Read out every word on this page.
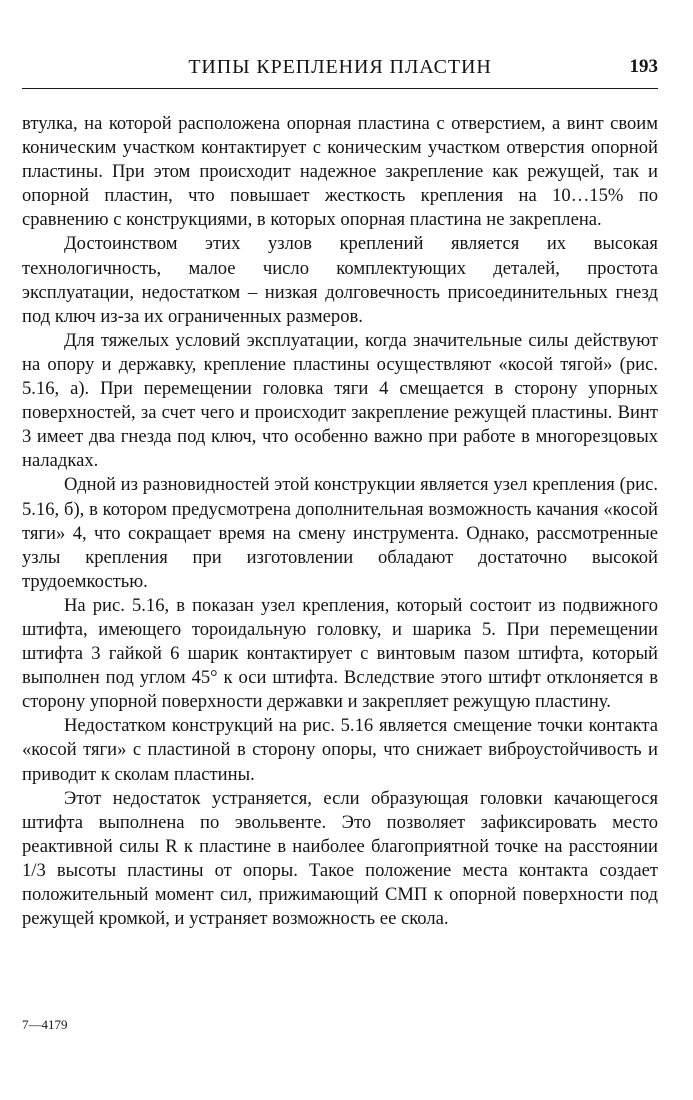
ТИПЫ КРЕПЛЕНИЯ ПЛАСТИН	193

втулка, на которой расположена опорная пластина с отверстием, а винт своим коническим участком контактирует с коническим участком отверстия опорной пластины. При этом происходит надежное закрепление как режущей, так и опорной пластин, что повышает жесткость крепления на 10…15% по сравнению с конструкциями, в которых опорная пластина не закреплена.

Достоинством этих узлов креплений является их высокая технологичность, малое число комплектующих деталей, простота эксплуатации, недостатком – низкая долговечность присоединительных гнезд под ключ из-за их ограниченных размеров.

Для тяжелых условий эксплуатации, когда значительные силы действуют на опору и державку, крепление пластины осуществляют «косой тягой» (рис. 5.16, а). При перемещении головка тяги 4 смещается в сторону упорных поверхностей, за счет чего и происходит закрепление режущей пластины. Винт 3 имеет два гнезда под ключ, что особенно важно при работе в многорезцовых наладках.

Одной из разновидностей этой конструкции является узел крепления (рис. 5.16, б), в котором предусмотрена дополнительная возможность качания «косой тяги» 4, что сокращает время на смену инструмента. Однако, рассмотренные узлы крепления при изготовлении обладают достаточно высокой трудоемкостью.

На рис. 5.16, в показан узел крепления, который состоит из подвижного штифта, имеющего тороидальную головку, и шарика 5. При перемещении штифта 3 гайкой 6 шарик контактирует с винтовым пазом штифта, который выполнен под углом 45° к оси штифта. Вследствие этого штифт отклоняется в сторону упорной поверхности державки и закрепляет режущую пластину.

Недостатком конструкций на рис. 5.16 является смещение точки контакта «косой тяги» с пластиной в сторону опоры, что снижает виброустойчивость и приводит к сколам пластины.

Этот недостаток устраняется, если образующая головки качающегося штифта выполнена по эвольвенте. Это позволяет зафиксировать место реактивной силы R к пластине в наиболее благоприятной точке на расстоянии 1/3 высоты пластины от опоры. Такое положение места контакта создает положительный момент сил, прижимающий СМП к опорной поверхности под режущей кромкой, и устраняет возможность ее скола.

7—4179
